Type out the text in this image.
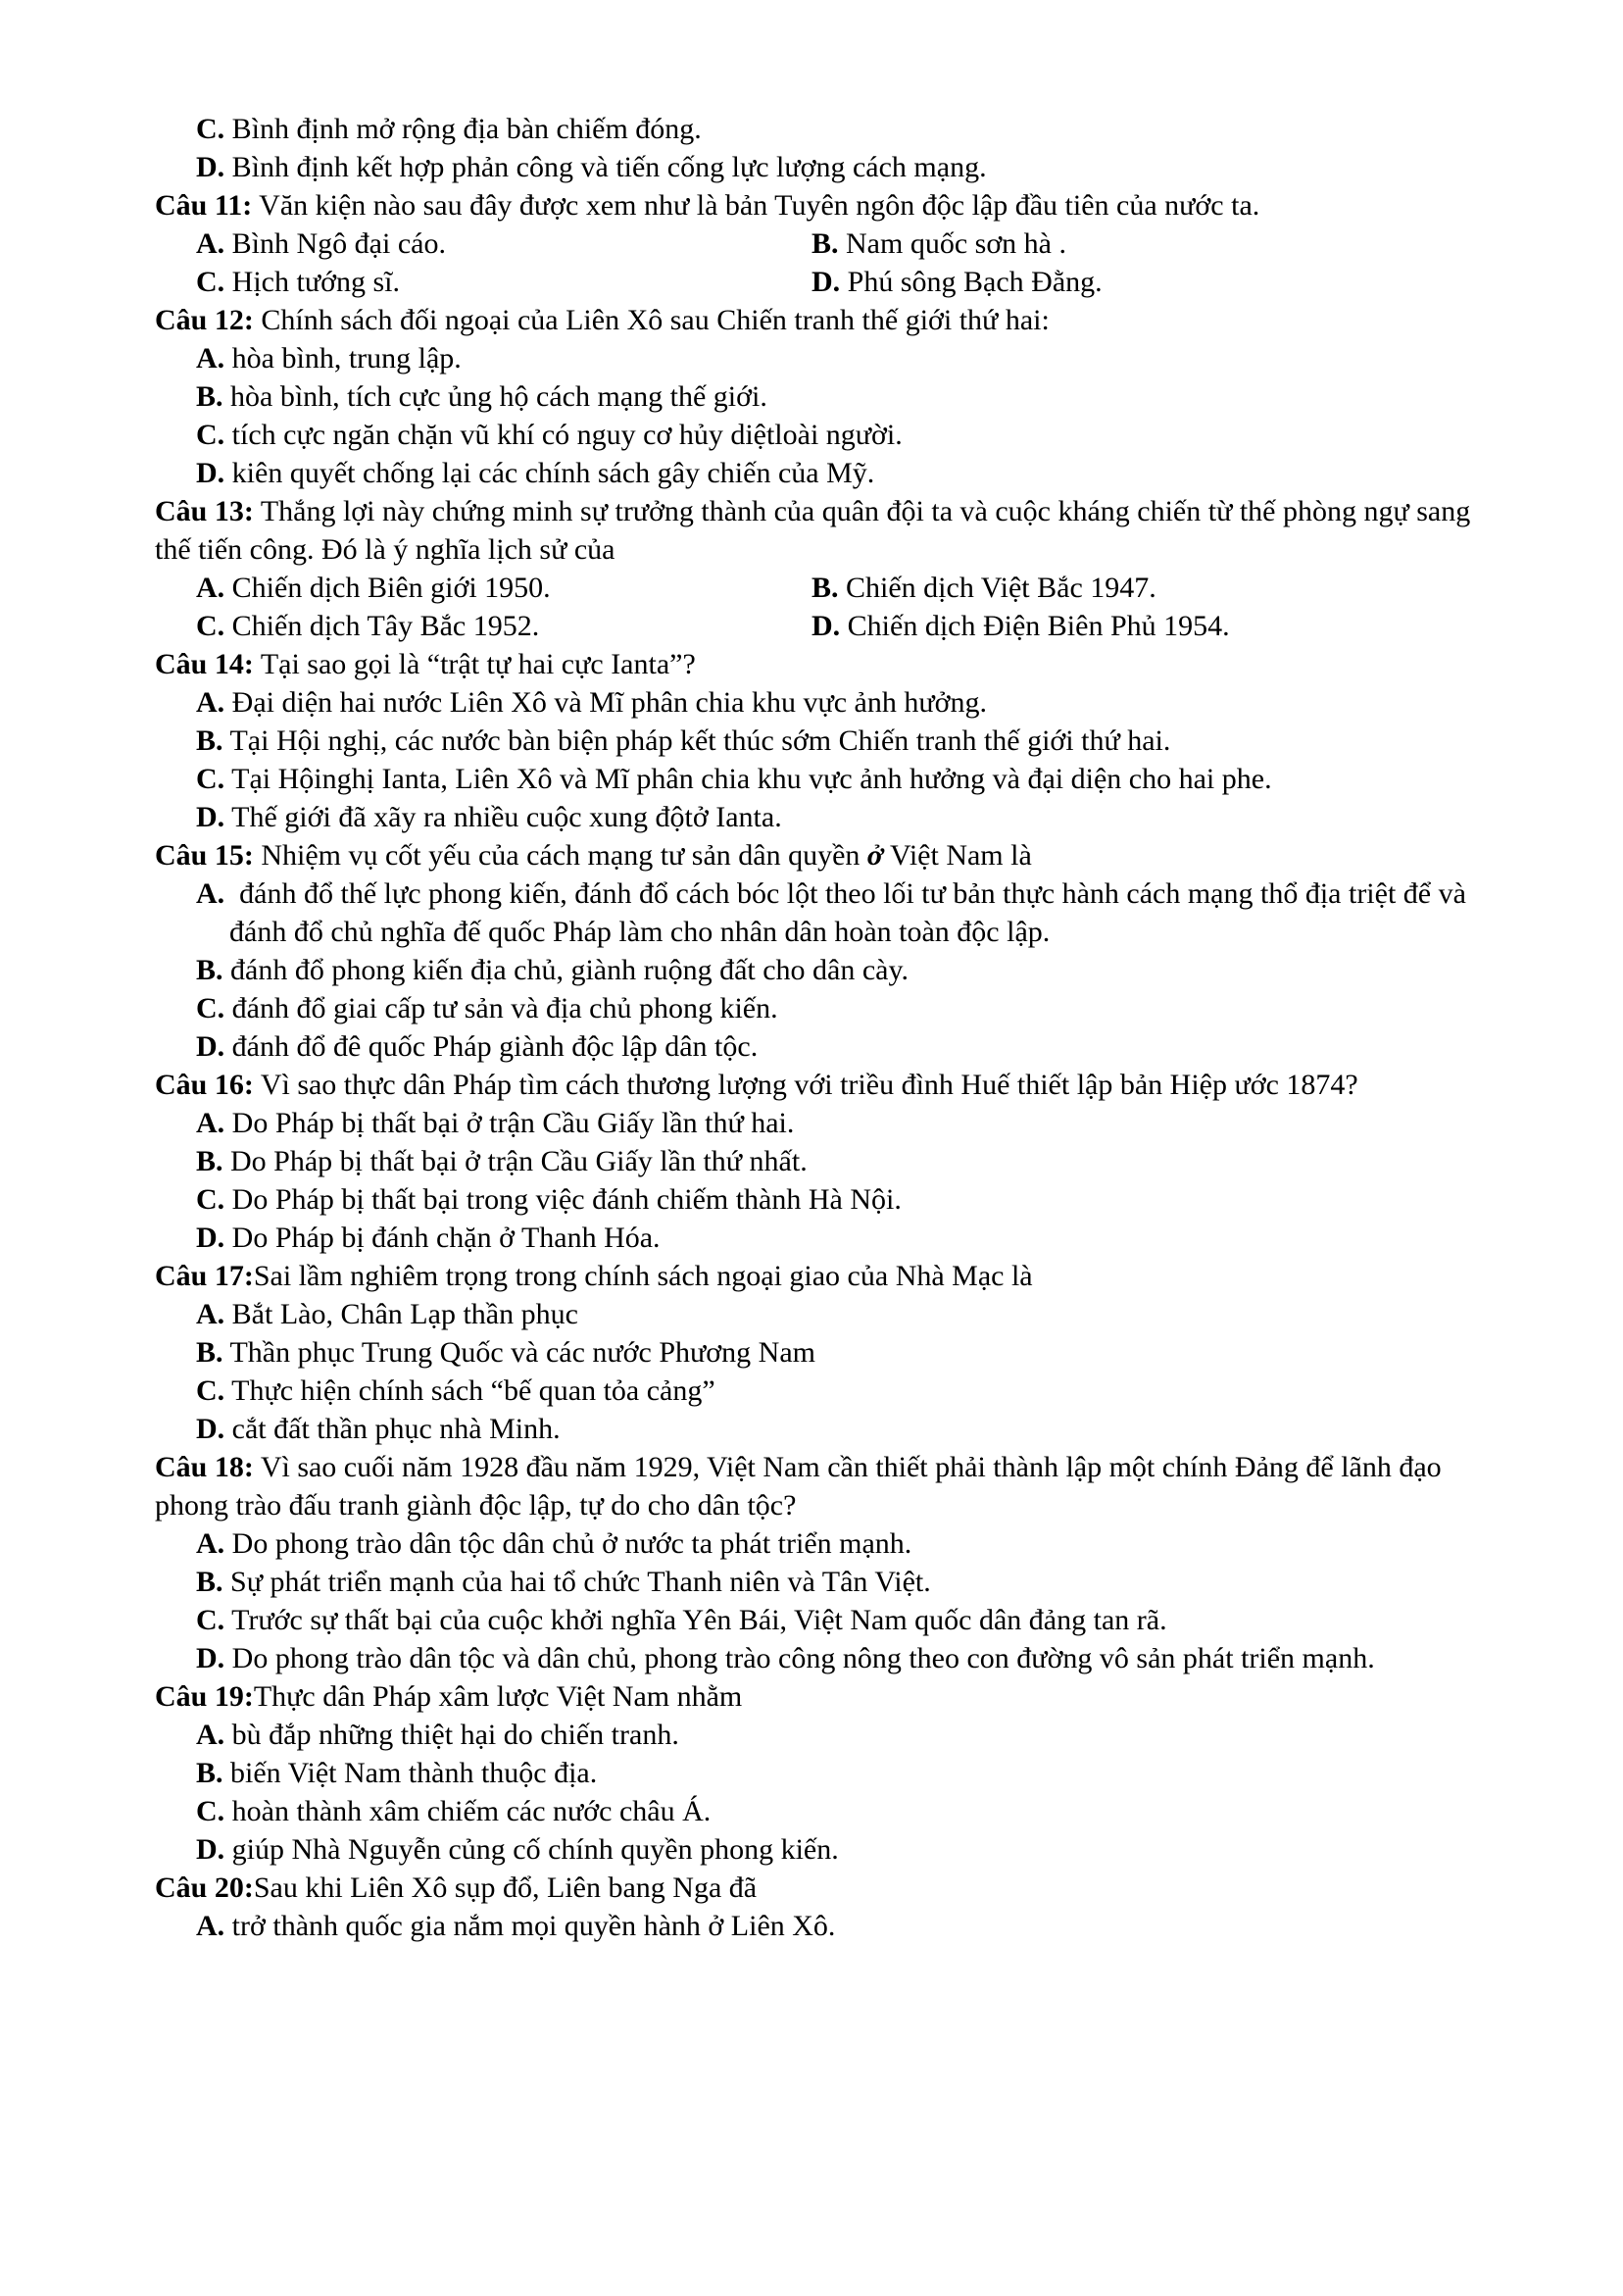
C. Bình định mở rộng địa bàn chiếm đóng.

D. Bình định kết hợp phản công và tiến cống lực lượng cách mạng.

Câu 11: Văn kiện nào sau đây được xem như là bản Tuyên ngôn độc lập đầu tiên của nước ta.

A. Bình Ngô đại cáo.	B. Nam quốc sơn hà .

C. Hịch tướng sĩ.	D. Phú sông Bạch Đằng.

Câu 12: Chính sách đối ngoại của Liên Xô sau Chiến tranh thế giới thứ hai:

A. hòa bình, trung lập.

B. hòa bình, tích cực ủng hộ cách mạng thế giới.

C. tích cực ngăn chặn vũ khí có nguy cơ hủy diệtloài người.

D. kiên quyết chống lại các chính sách gây chiến của Mỹ.

Câu 13: Thắng lợi này chứng minh sự trưởng thành của quân đội ta và cuộc kháng chiến từ thế phòng ngự sang thế tiến công. Đó là ý nghĩa lịch sử của

A. Chiến dịch Biên giới 1950.	B. Chiến dịch Việt Bắc 1947.

C. Chiến dịch Tây Bắc 1952.	D. Chiến dịch Điện Biên Phủ 1954.

Câu 14: Tại sao gọi là “trật tự hai cực Ianta”?

A. Đại diện hai nước Liên Xô và Mĩ phân chia khu vực ảnh hưởng.

B. Tại Hội nghị, các nước bàn biện pháp kết thúc sớm Chiến tranh thế giới thứ hai.

C. Tại Hộinghị Ianta, Liên Xô và Mĩ phân chia khu vực ảnh hưởng và đại diện cho hai phe.

D. Thế giới đã xãy ra nhiều cuộc xung độtở Ianta.

Câu 15: Nhiệm vụ cốt yếu của cách mạng tư sản dân quyền ở Việt Nam là

A. đánh đổ thế lực phong kiến, đánh đổ cách bóc lột theo lối tư bản thực hành cách mạng thổ địa triệt để và đánh đổ chủ nghĩa đế quốc Pháp làm cho nhân dân hoàn toàn độc lập.

B. đánh đổ phong kiến địa chủ, giành ruộng đất cho dân cày.

C. đánh đổ giai cấp tư sản và địa chủ phong kiến.

D. đánh đổ đê quốc Pháp giành độc lập dân tộc.

Câu 16: Vì sao thực dân Pháp tìm cách thương lượng với triều đình Huế thiết lập bản Hiệp ước 1874?

A. Do Pháp bị thất bại ở trận Cầu Giấy lần thứ hai.

B. Do Pháp bị thất bại ở trận Cầu Giấy lần thứ nhất.

C. Do Pháp bị thất bại trong việc đánh chiếm thành Hà Nội.

D. Do Pháp bị đánh chặn ở Thanh Hóa.

Câu 17:Sai lầm nghiêm trọng trong chính sách ngoại giao của Nhà Mạc là

A. Bắt Lào, Chân Lạp thần phục

B. Thần phục Trung Quốc và các nước Phương Nam

C. Thực hiện chính sách “bế quan tỏa cảng”

D. cắt đất thần phục nhà Minh.

Câu 18: Vì sao cuối năm 1928 đầu năm 1929, Việt Nam cần thiết phải thành lập một chính Đảng để lãnh đạo phong trào đấu tranh giành độc lập, tự do cho dân tộc?

A. Do phong trào dân tộc dân chủ ở nước ta phát triển mạnh.

B. Sự phát triển mạnh của hai tổ chức Thanh niên và Tân Việt.

C. Trước sự thất bại của cuộc khởi nghĩa Yên Bái, Việt Nam quốc dân đảng tan rã.

D. Do phong trào dân tộc và dân chủ, phong trào công nông theo con đường vô sản phát triển mạnh.

Câu 19:Thực dân Pháp xâm lược Việt Nam nhằm

A. bù đắp những thiệt hại do chiến tranh.

B. biến Việt Nam thành thuộc địa.

C. hoàn thành xâm chiếm các nước châu Á.

D. giúp Nhà Nguyễn củng cố chính quyền phong kiến.

Câu 20:Sau khi Liên Xô sụp đổ, Liên bang Nga đã

A. trở thành quốc gia nắm mọi quyền hành ở Liên Xô.
